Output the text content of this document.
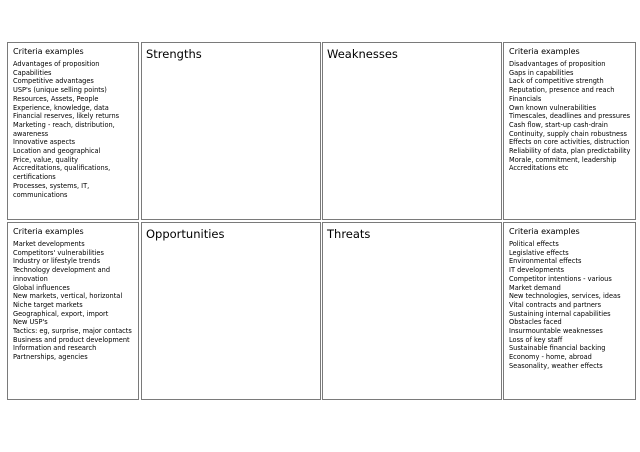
Criteria examples
Advantages of proposition
Capabilities
Competitive advantages
USP's (unique selling points)
Resources, Assets, People
Experience, knowledge, data
Financial reserves, likely returns
Marketing - reach, distribution, awareness
Innovative aspects
Location and geographical
Price, value, quality
Accreditations, qualifications, certifications
Processes, systems, IT, communications
Strengths	Weaknesses	Criteria examples
Disadvantages of proposition
Gaps in capabilities
Lack of competitive strength
Reputation, presence and reach
Financials
Own known vulnerabilities
Timescales, deadlines and pressures
Cash flow, start-up cash-drain
Continuity, supply chain robustness
Effects on core activities, distruction
Reliability of data, plan predictability
Morale, commitment, leadership
Accreditations etc
Criteria examples
Market developments
Competitors' vulnerabilities
Industry or lifestyle trends
Technology development and innovation
Global influences
New markets, vertical, horizontal
Niche target markets
Geographical, export, import
New USP's
Tactics: eg, surprise, major contacts
Business and product development
Information and research
Partnerships, agencies
Opportunities	Threats	Criteria examples
Political effects
Legislative effects
Environmental effects
IT developments
Competitor intentions - various
Market demand
New technologies, services, ideas
Vital contracts and partners
Sustaining internal capabilities
Obstacles faced
Insurmountable weaknesses
Loss of key staff
Sustainable financial backing
Economy - home, abroad
Seasonality, weather effects
